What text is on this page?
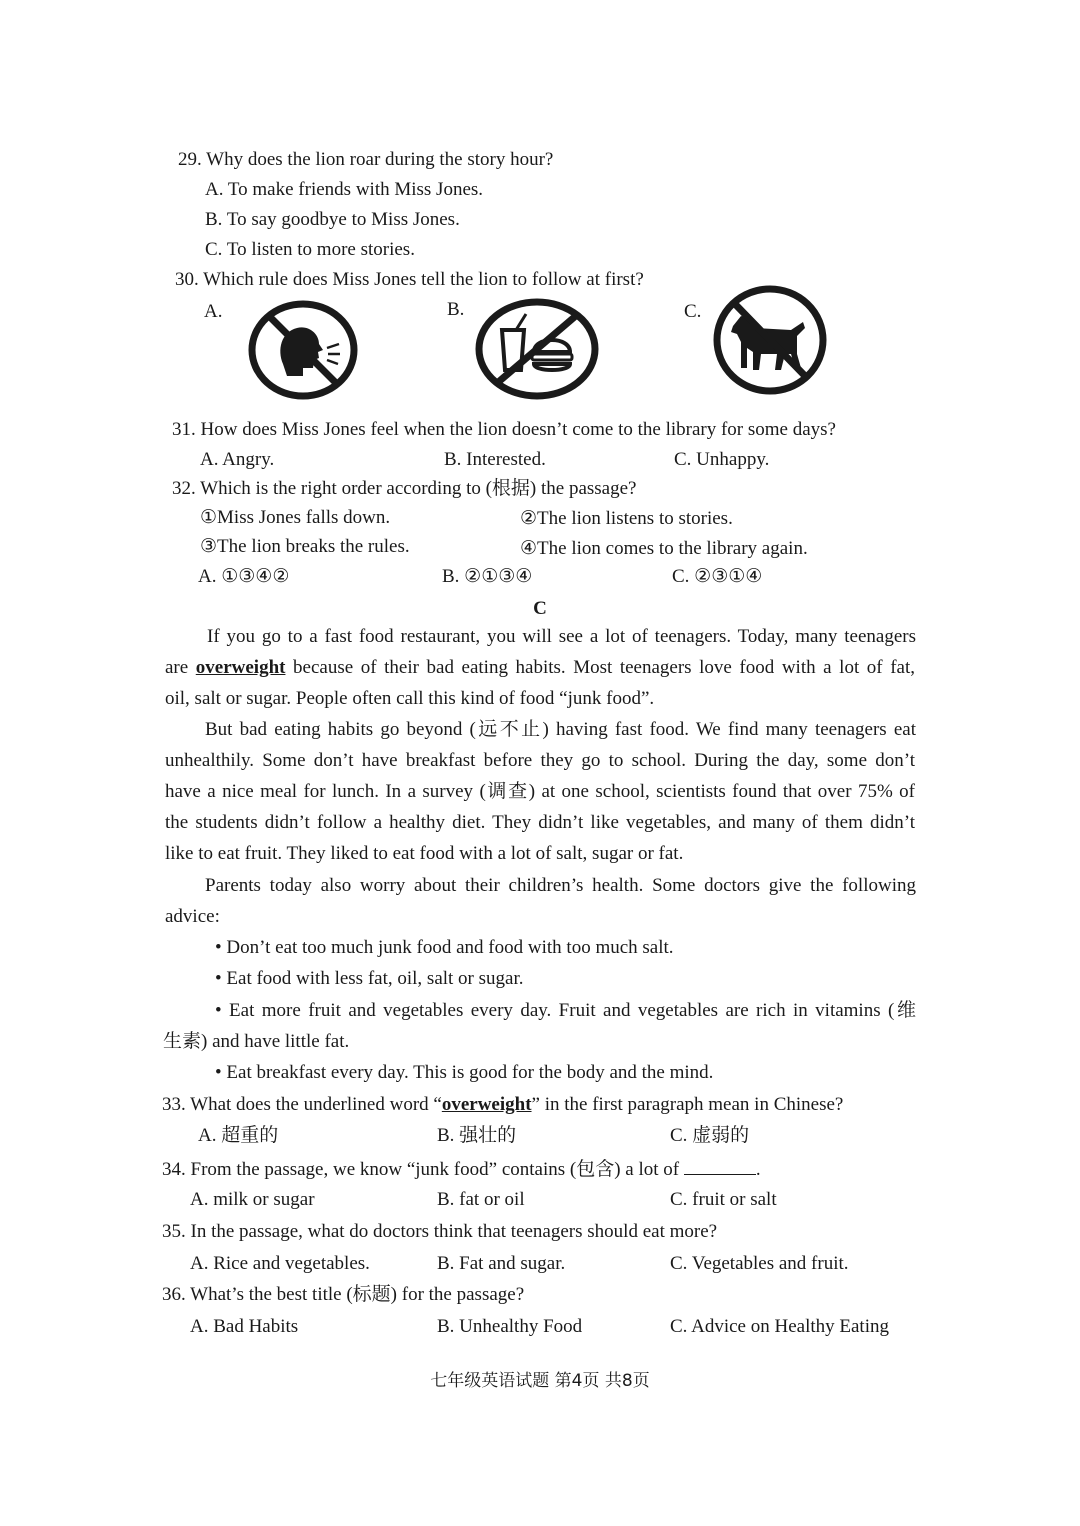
29. Why does the lion roar during the story hour?
A. To make friends with Miss Jones.
B. To say goodbye to Miss Jones.
C. To listen to more stories.
30. Which rule does Miss Jones tell the lion to follow at first?
A.	B.	C.
31. How does Miss Jones feel when the lion doesn’t come to the library for some days?
A. Angry.	B. Interested.	C. Unhappy.
32. Which is the right order according to (根据) the passage?
①Miss Jones falls down.	②The lion listens to stories.
③The lion breaks the rules.	④The lion comes to the library again.
A. ①③④②	B. ②①③④	C. ②③①④
C
If you go to a fast food restaurant, you will see a lot of teenagers. Today, many teenagers
are overweight because of their bad eating habits. Most teenagers love food with a lot of fat,
oil, salt or sugar. People often call this kind of food “junk food”.
But bad eating habits go beyond (远不止) having fast food. We find many teenagers eat
unhealthily. Some don’t have breakfast before they go to school. During the day, some don’t
have a nice meal for lunch. In a survey (调查) at one school, scientists found that over 75% of
the students didn’t follow a healthy diet. They didn’t like vegetables, and many of them didn’t
like to eat fruit. They liked to eat food with a lot of salt, sugar or fat.
Parents today also worry about their children’s health. Some doctors give the following
advice:
• Don’t eat too much junk food and food with too much salt.
• Eat food with less fat, oil, salt or sugar.
• Eat more fruit and vegetables every day. Fruit and vegetables are rich in vitamins (维
生素) and have little fat.
• Eat breakfast every day. This is good for the body and the mind.
33. What does the underlined word “overweight” in the first paragraph mean in Chinese?
A. 超重的	B. 强壮的	C. 虚弱的
34. From the passage, we know “junk food” contains (包含) a lot of	.
A. milk or sugar	B. fat or oil	C. fruit or salt
35. In the passage, what do doctors think that teenagers should eat more?
A. Rice and vegetables.	B. Fat and sugar.	C. Vegetables and fruit.
36. What’s the best title (标题) for the passage?
A. Bad Habits	B. Unhealthy Food	C. Advice on Healthy Eating
七年级英语试题 第4页 共8页
